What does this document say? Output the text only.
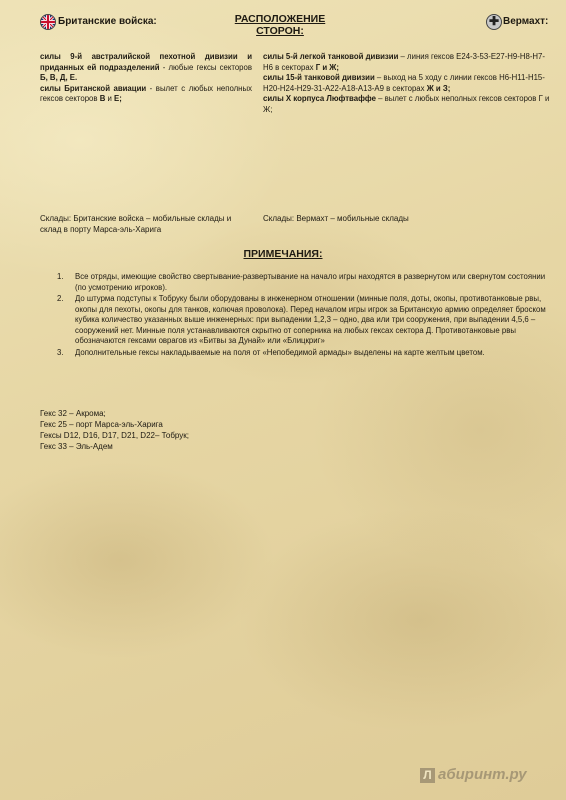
Британские войска:	РАСПОЛОЖЕНИЕ
СТОРОН:
✚ Вермахт:

силы 9-й австралийской пехотной дивизии и приданных ей подразделений - любые гексы секторов Б, В, Д, Е.

силы Британской авиации - вылет с любых неполных гексов секторов В и Е;

силы 5-й легкой танковой дивизии – линия гексов Е24-3-53-Е27-Н9-Н8-Н7-Н6 в секторах Г и Ж;

силы 15-й танковой дивизии – выход на 5 ходу с линии гексов Н6-Н11-Н15-Н20-Н24-Н29-31-А22-А18-А13-А9 в секторах Ж и З;

силы Х корпуса Люфтваффе – вылет с любых неполных гексов секторов Г и Ж;

Склады: Британские войска – мобильные склады и склад в порту Марса-эль-Харига
Склады: Вермахт – мобильные склады
ПРИМЕЧАНИЯ:
1. Все отряды, имеющие свойство свертывание-развертывание на начало игры находятся в развернутом или свернутом состоянии (по усмотрению игроков).
2. До штурма подступы к Тобруку были оборудованы в инженерном отношении (минные поля, доты, окопы, противотанковые рвы, окопы для пехоты, окопы для танков, колючая проволока). Перед началом игры игрок за Британскую армию определяет броском кубика количество указанных выше инженерных: при выпадении 1,2,3 – одно, два или три сооружения, при выпадении 4,5,6 – сооружений нет. Минные поля устанавливаются скрытно от соперника на любых гексах сектора Д. Противотанковые рвы обозначаются гексами оврагов из «Битвы за Дунай» или «Блицкриг»
3. Дополнительные гексы накладываемые на поля от «Непобедимой армады» выделены на карте желтым цветом.
Гекс 32 – Акрома;
Гекс 25 – порт Марса-эль-Харига
Гексы D12, D16, D17, D21, D22– Тобрук;
Гекс 33 – Эль-Адем
Л абиринт.ру
